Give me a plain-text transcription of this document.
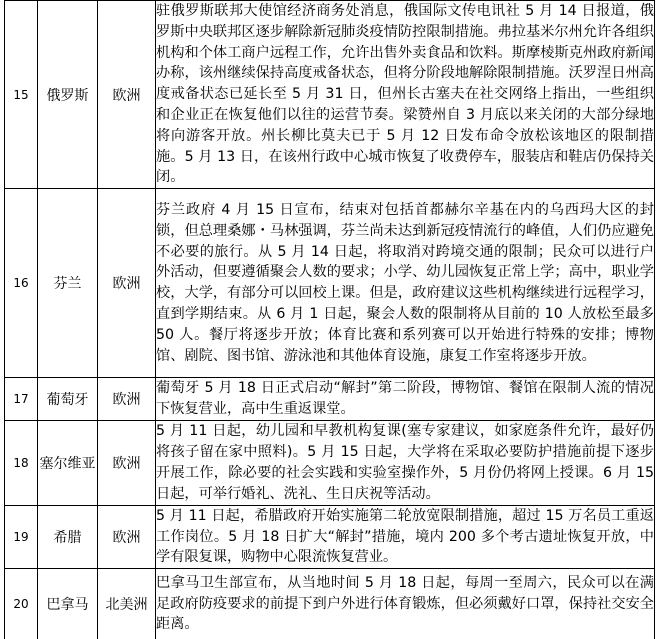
15	俄罗斯	欧洲	驻俄罗斯联邦大使馆经济商务处消息，俄国际文传电讯社 5 月 14 日报道，俄罗斯中央联邦区逐步解除新冠肺炎疫情防控限制措施。弗拉基米尔州允许各组织机构和个体工商户远程工作，允许出售外卖食品和饮料。斯摩棱斯克州政府新闻办称，该州继续保持高度戒备状态，但将分阶段地解除限制措施。沃罗涅日州高度戒备状态已延长至 5 月 31 日，但州长古塞夫在社交网络上指出，一些组织和企业正在恢复他们以往的运营节奏。梁赞州自 3 月底以来关闭的大部分绿地将向游客开放。州长柳比莫夫已于 5 月 12 日发布命令放松该地区的限制措施。5 月 13 日，在该州行政中心城市恢复了收费停车，服装店和鞋店仍保持关闭。
16	芬兰	欧洲	芬兰政府 4 月 15 日宣布，结束对包括首都赫尔辛基在内的乌西玛大区的封锁，但总理桑娜・马林强调，芬兰尚未达到新冠疫情流行的峰值，人们仍应避免不必要的旅行。从 5 月 14 日起，将取消对跨境交通的限制；民众可以进行户外活动，但要遵循聚会人数的要求；小学、幼儿园恢复正常上学；高中，职业学校，大学，有部分可以回校上课。但是，政府建议这些机构继续进行远程学习，直到学期结束。从 6 月 1 日起，聚会人数的限制将从目前的 10 人放松至最多 50 人。餐厅将逐步开放；体育比赛和系列赛可以开始进行特殊的安排；博物馆、剧院、图书馆、游泳池和其他体育设施，康复工作室将逐步开放。
17	葡萄牙	欧洲	葡萄牙 5 月 18 日正式启动“解封”第二阶段，博物馆、餐馆在限制人流的情况下恢复营业，高中生重返课堂。
18	塞尔维亚	欧洲	5 月 11 日起，幼儿园和早教机构复课(塞专家建议，如家庭条件允许，最好仍将孩子留在家中照料)。5 月 15 日起，大学将在采取必要防护措施前提下逐步开展工作，除必要的社会实践和实验室操作外，5 月份仍将网上授课。6 月 15 日起，可举行婚礼、洗礼、生日庆祝等活动。
19	希腊	欧洲	5 月 11 日起，希腊政府开始实施第二轮放宽限制措施，超过 15 万名员工重返工作岗位。5 月 18 日扩大“解封”措施，境内 200 多个考古遗址恢复开放，中学有限复课，购物中心限流恢复营业。
20	巴拿马	北美洲	巴拿马卫生部宣布，从当地时间 5 月 18 日起，每周一至周六，民众可以在满足政府防疫要求的前提下到户外进行体育锻炼，但必须戴好口罩，保持社交安全距离。
